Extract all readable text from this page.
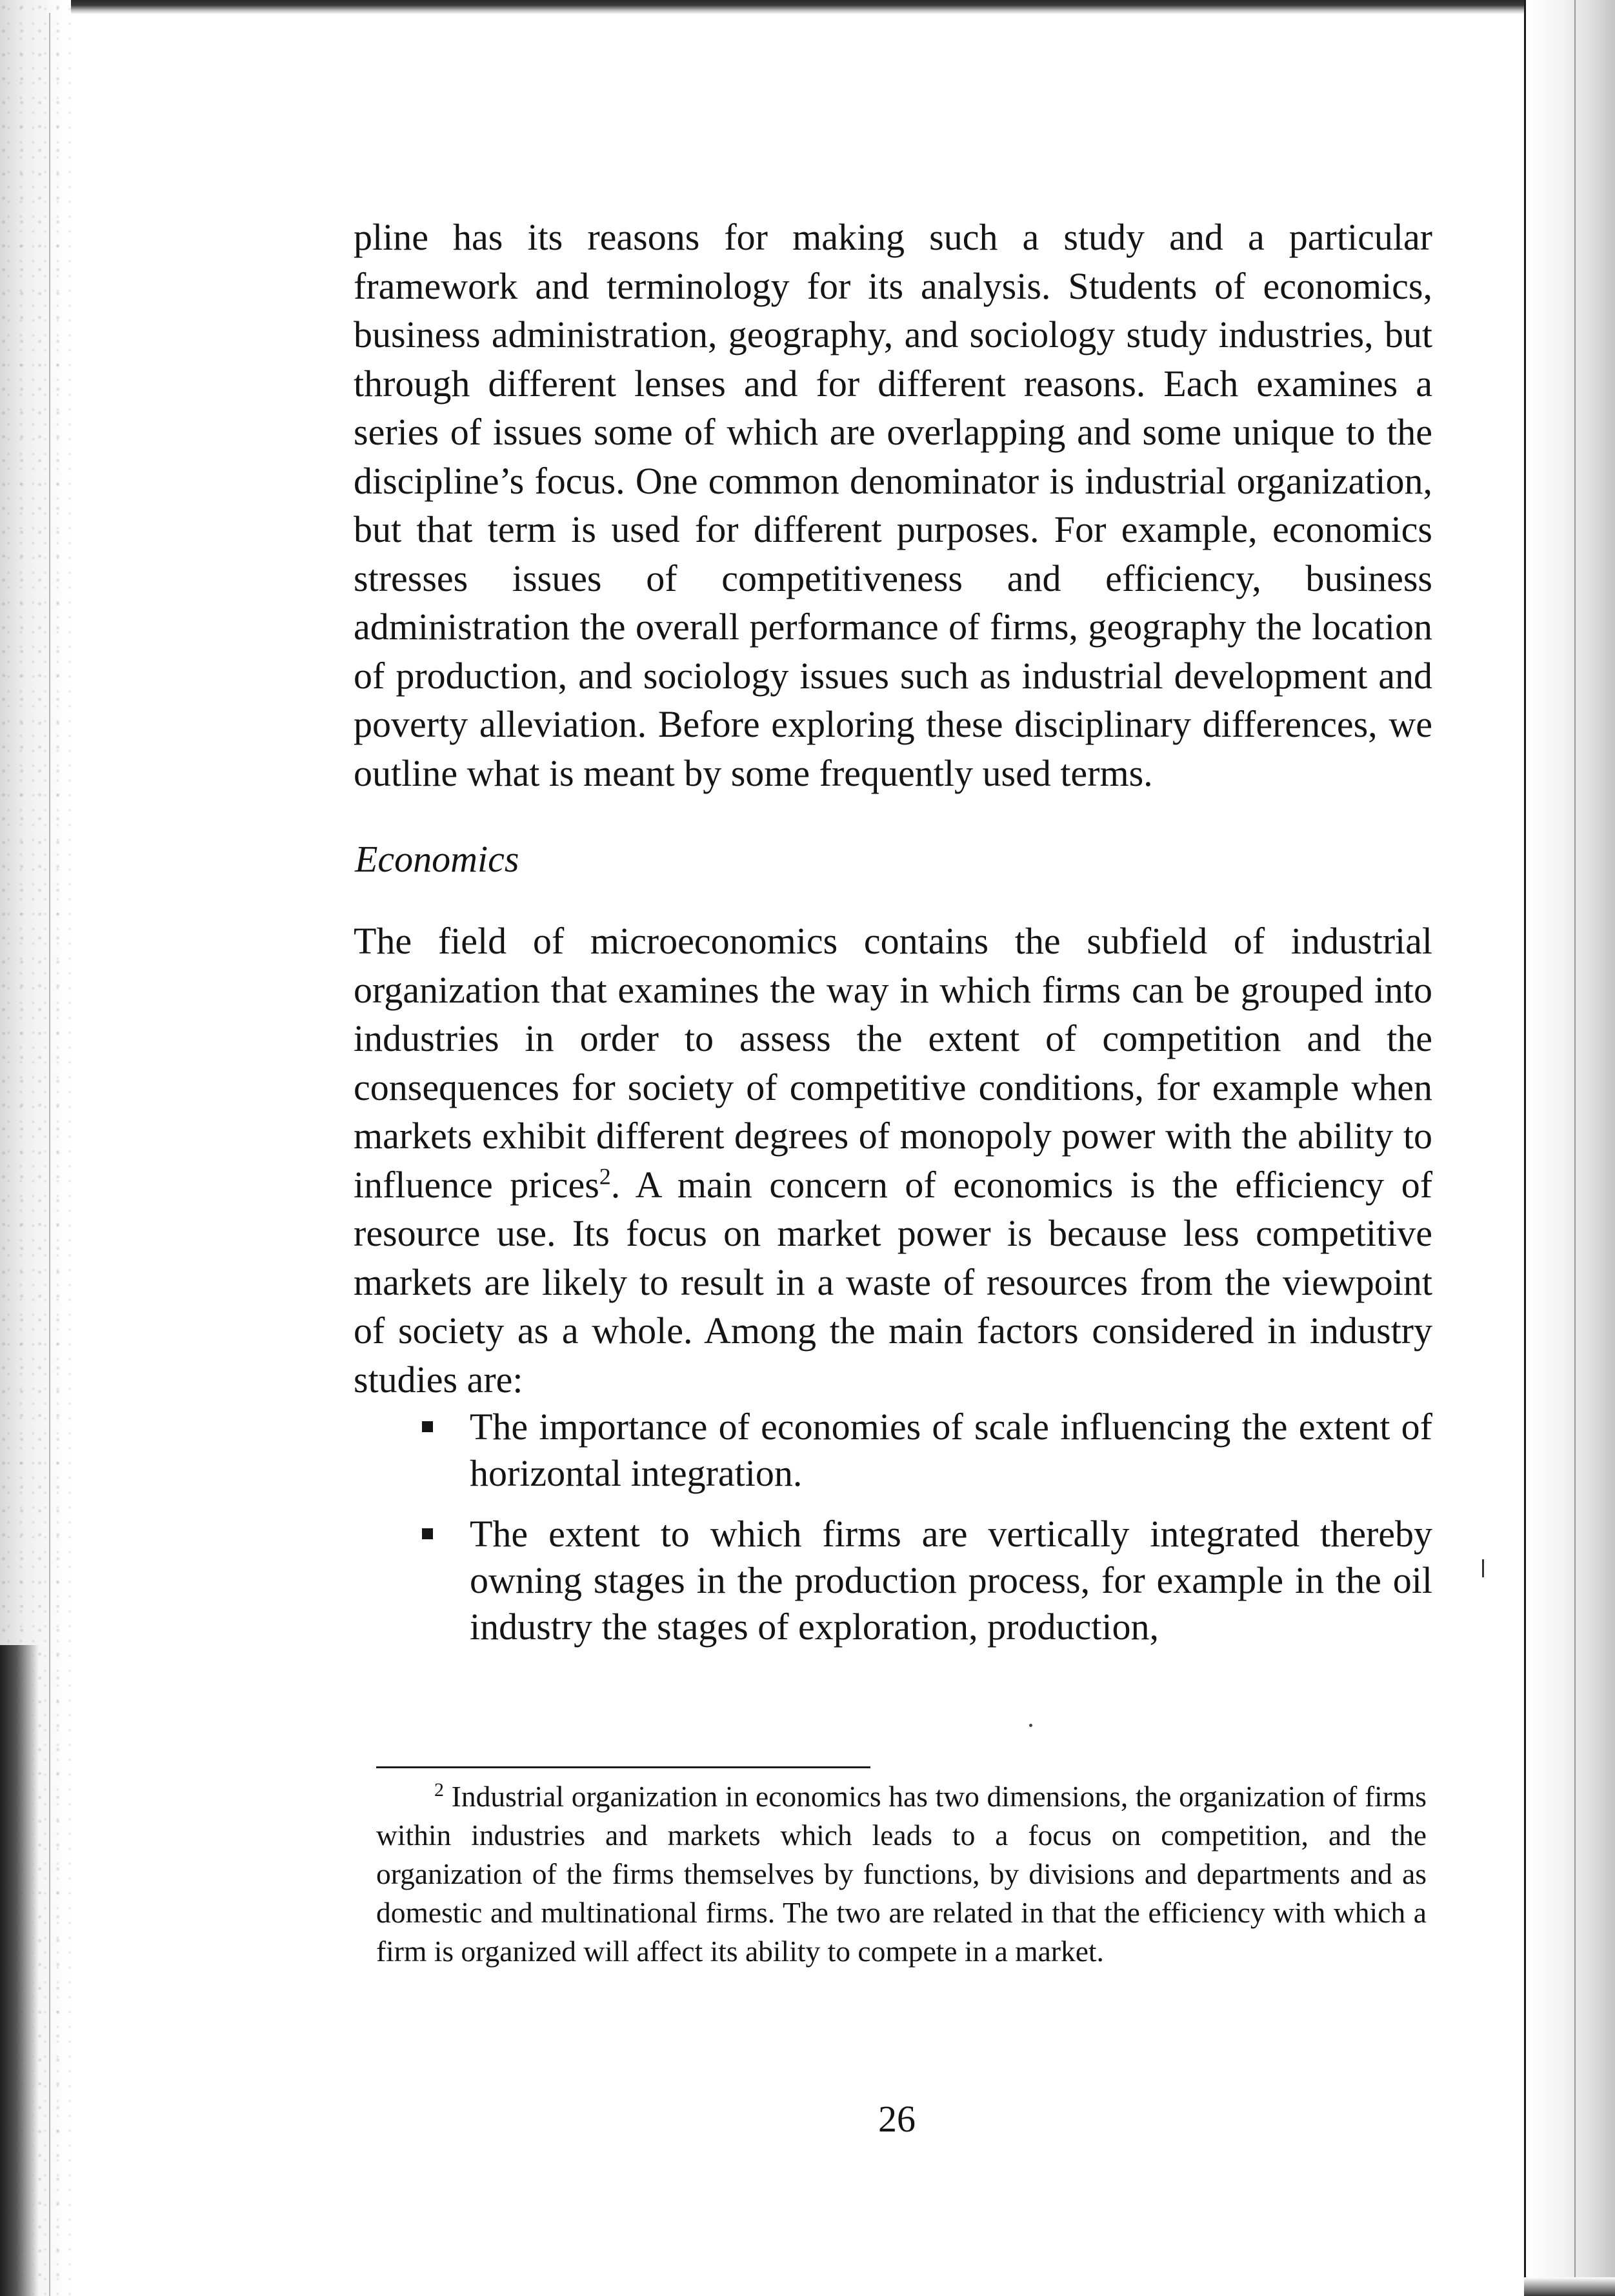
pline has its reasons for making such a study and a particular framework and terminology for its analysis. Students of economics, business administration, geography, and sociology study industries, but through different lenses and for different reasons. Each examines a series of issues some of which are overlapping and some unique to the discipline’s focus. One common denominator is industrial organization, but that term is used for different purposes. For example, economics stresses issues of competitiveness and efficiency, business administration the overall performance of firms, geography the location of production, and sociology issues such as industrial development and poverty alleviation. Before exploring these disciplinary differences, we outline what is meant by some frequently used terms.

Economics

The field of microeconomics contains the subfield of industrial organization that examines the way in which firms can be grouped into industries in order to assess the extent of competition and the consequences for society of competitive conditions, for example when markets exhibit different degrees of monopoly power with the ability to influence prices$^2$. A main concern of economics is the efficiency of resource use. Its focus on market power is because less competitive markets are likely to result in a waste of resources from the viewpoint of society as a whole. Among the main factors considered in industry studies are:

The importance of economies of scale influencing the extent of horizontal integration.
The extent to which firms are vertically integrated thereby owning stages in the production process, for example in the oil industry the stages of exploration, production,

$^2$ Industrial organization in economics has two dimensions, the organization of firms within industries and markets which leads to a focus on competition, and the organization of the firms themselves by functions, by divisions and departments and as domestic and multinational firms. The two are related in that the efficiency with which a firm is organized will affect its ability to compete in a market.

26
